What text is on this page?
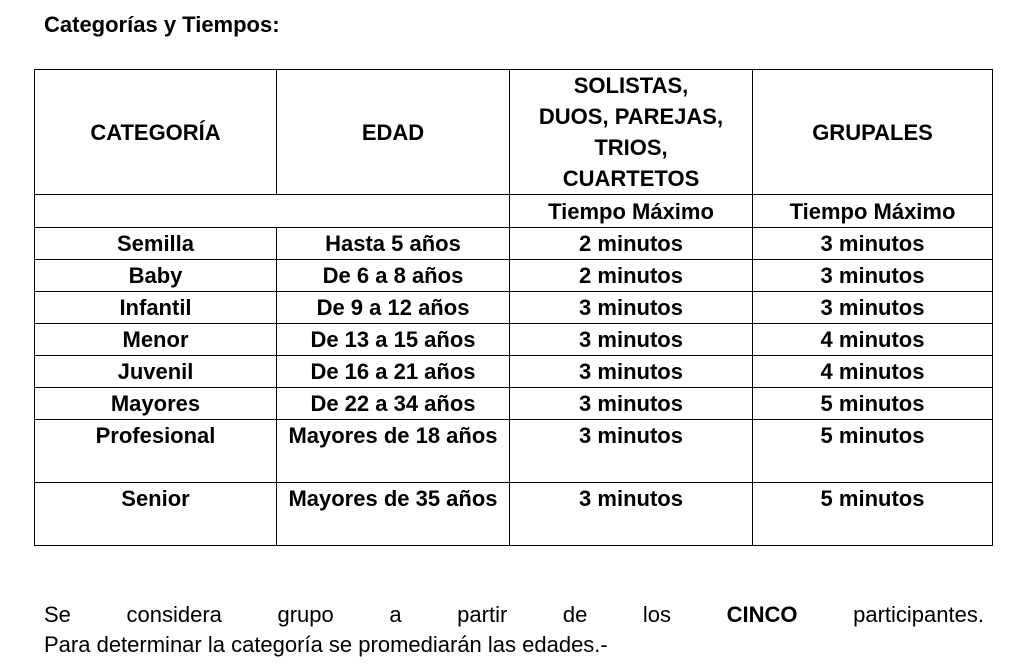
Categorías y Tiempos:
CATEGORÍA	EDAD	SOLISTAS,
DUOS, PAREJAS,
TRIOS,
CUARTETOS	GRUPALES
		Tiempo Máximo	Tiempo Máximo
Semilla	Hasta 5 años	2 minutos	3 minutos
Baby	De 6 a 8 años	2 minutos	3 minutos
Infantil	De 9 a 12 años	3 minutos	3 minutos
Menor	De 13 a 15 años	3 minutos	4 minutos
Juvenil	De 16 a 21 años	3 minutos	4 minutos
Mayores	De 22 a 34 años	3 minutos	5 minutos
Profesional	Mayores de 18 años	3 minutos	5 minutos
Senior	Mayores de 35 años	3 minutos	5 minutos
Se	considera	grupo	a	partir	de	los	CINCO	participantes.
Para determinar la categoría se promediarán las edades.-
